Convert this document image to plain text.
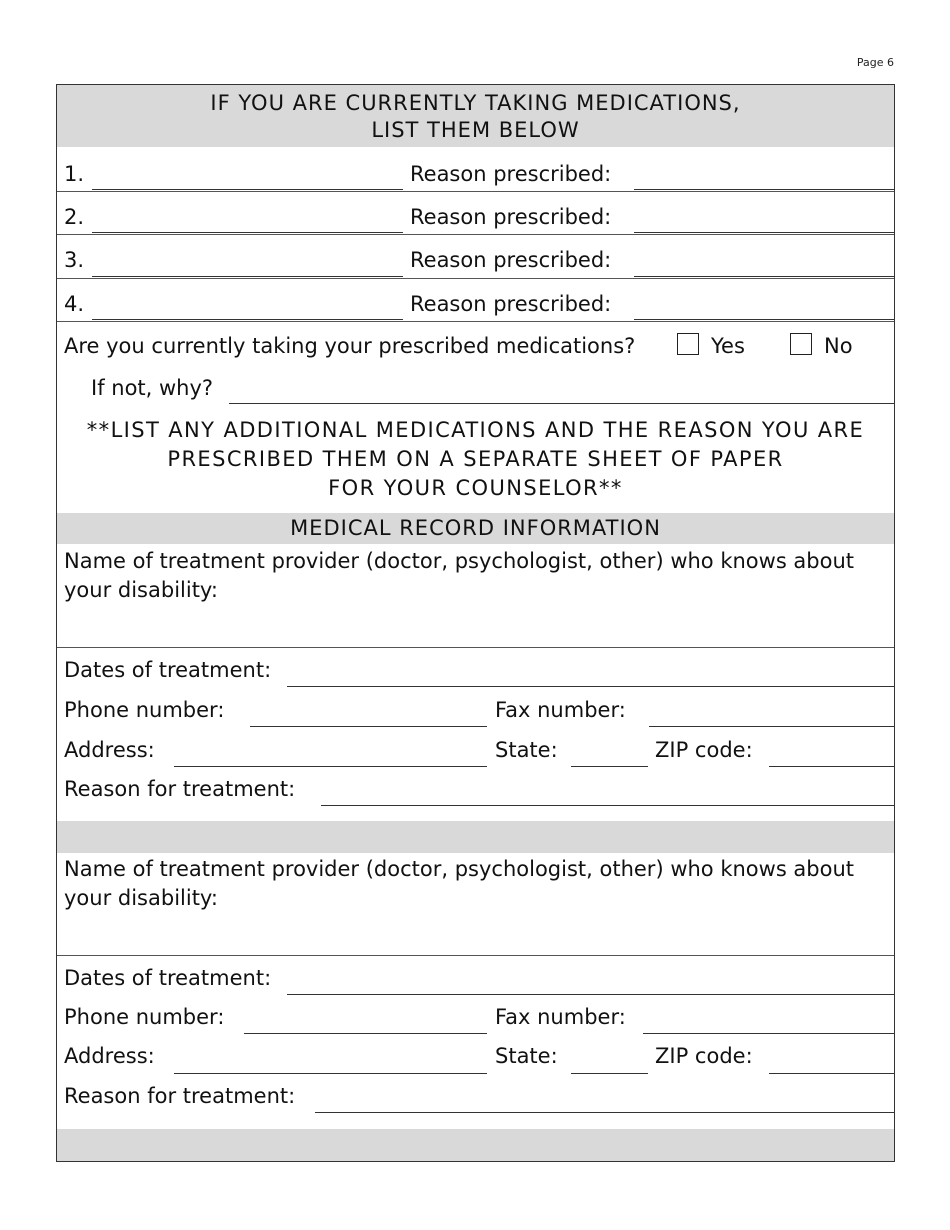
Page 6
IF YOU ARE CURRENTLY TAKING MEDICATIONS,
LIST THEM BELOW
1.	Reason prescribed:
2.	Reason prescribed:
3.	Reason prescribed:
4.	Reason prescribed:
Are you currently taking your prescribed medications?	Yes	No
If not, why?
**LIST ANY ADDITIONAL MEDICATIONS AND THE REASON YOU ARE
PRESCRIBED THEM ON A SEPARATE SHEET OF PAPER
FOR YOUR COUNSELOR**
MEDICAL RECORD INFORMATION
Name of treatment provider (doctor, psychologist, other) who knows about your disability:
Dates of treatment:
Phone number:	Fax number:
Address:	State:	ZIP code:
Reason for treatment:
Name of treatment provider (doctor, psychologist, other) who knows about your disability:
Dates of treatment:
Phone number:	Fax number:
Address:	State:	ZIP code:
Reason for treatment:
